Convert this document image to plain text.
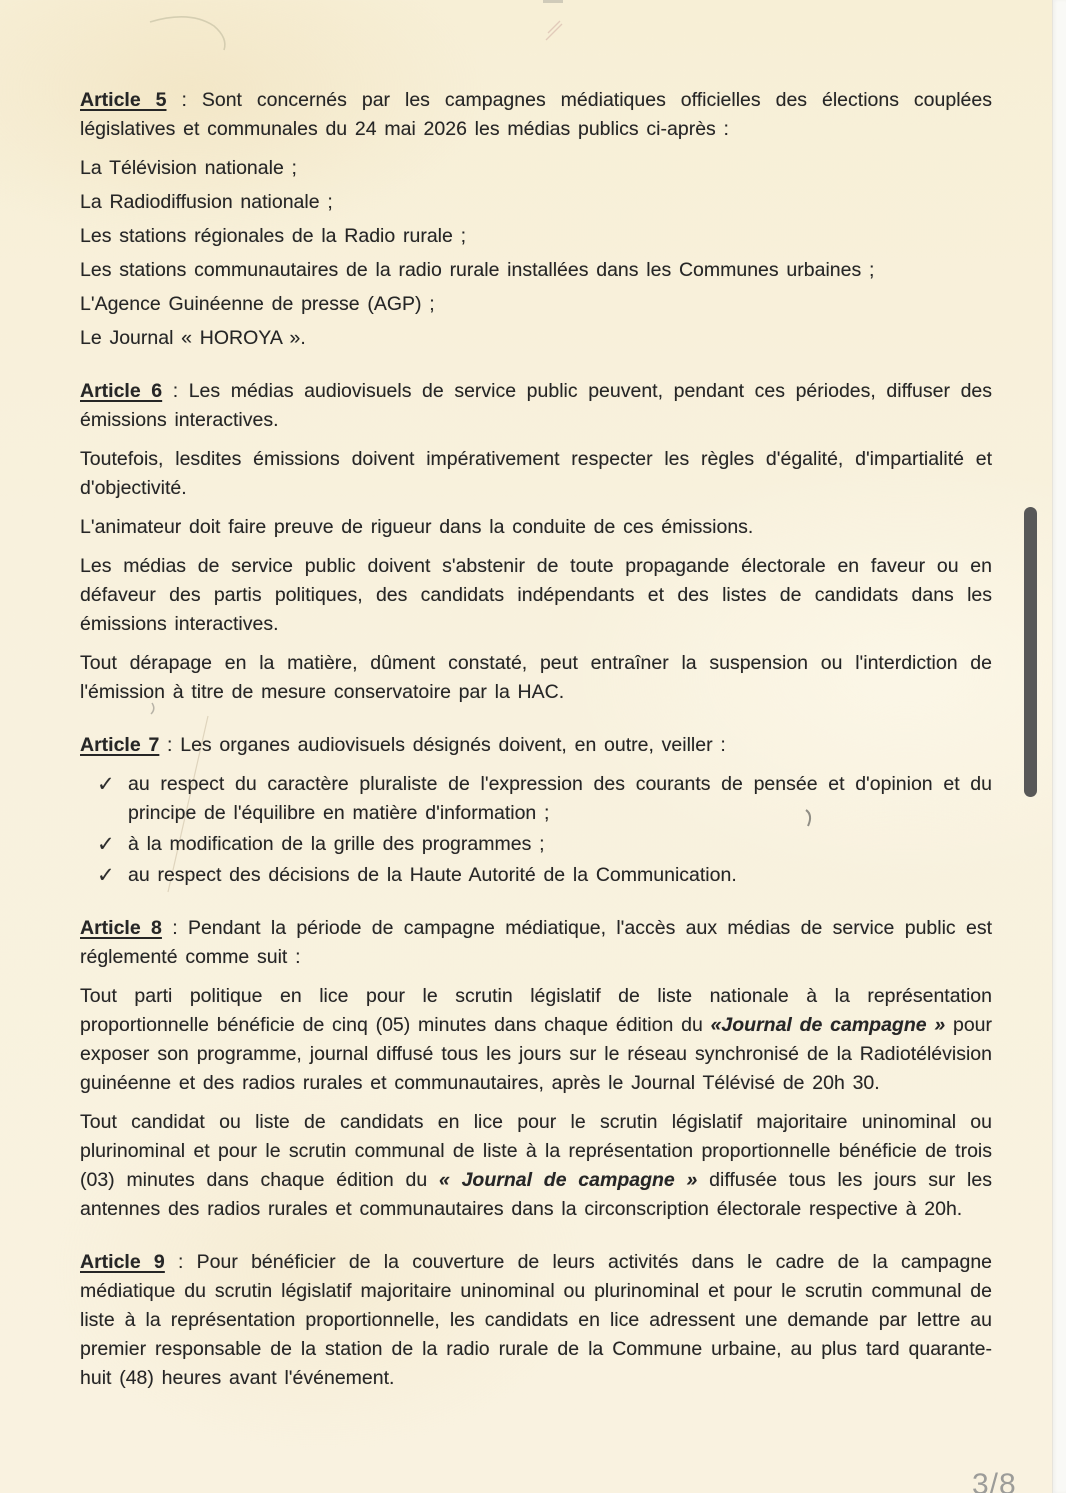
Article 5 : Sont concernés par les campagnes médiatiques officielles des élections couplées législatives et communales du 24 mai 2026 les médias publics ci-après :

La Télévision nationale ;

La Radiodiffusion nationale ;

Les stations régionales de la Radio rurale ;

Les stations communautaires de la radio rurale installées dans les Communes urbaines ;

L'Agence Guinéenne de presse (AGP) ;

Le Journal « HOROYA ».

Article 6 : Les médias audiovisuels de service public peuvent, pendant ces périodes, diffuser des émissions interactives.

Toutefois, lesdites émissions doivent impérativement respecter les règles d'égalité, d'impartialité et d'objectivité.

L'animateur doit faire preuve de rigueur dans la conduite de ces émissions.

Les médias de service public doivent s'abstenir de toute propagande électorale en faveur ou en défaveur des partis politiques, des candidats indépendants et des listes de candidats dans les émissions interactives.

Tout dérapage en la matière, dûment constaté, peut entraîner la suspension ou l'interdiction de l'émission à titre de mesure conservatoire par la HAC.

Article 7 : Les organes audiovisuels désignés doivent, en outre, veiller :

✓ au respect du caractère pluraliste de l'expression des courants de pensée et d'opinion et du principe de l'équilibre en matière d'information ;
✓ à la modification de la grille des programmes ;
✓ au respect des décisions de la Haute Autorité de la Communication.

Article 8 : Pendant la période de campagne médiatique, l'accès aux médias de service public est réglementé comme suit :

Tout parti politique en lice pour le scrutin législatif de liste nationale à la représentation proportionnelle bénéficie de cinq (05) minutes dans chaque édition du «Journal de campagne » pour exposer son programme, journal diffusé tous les jours sur le réseau synchronisé de la Radiotélévision guinéenne et des radios rurales et communautaires, après le Journal Télévisé de 20h 30.

Tout candidat ou liste de candidats en lice pour le scrutin législatif majoritaire uninominal ou plurinominal et pour le scrutin communal de liste à la représentation proportionnelle bénéficie de trois (03) minutes dans chaque édition du « Journal de campagne » diffusée tous les jours sur les antennes des radios rurales et communautaires dans la circonscription électorale respective à 20h.

Article 9 : Pour bénéficier de la couverture de leurs activités dans le cadre de la campagne médiatique du scrutin législatif majoritaire uninominal ou plurinominal et pour le scrutin communal de liste à la représentation proportionnelle, les candidats en lice adressent une demande par lettre au premier responsable de la station de la radio rurale de la Commune urbaine, au plus tard quarante-huit (48) heures avant l'événement.

3/8
